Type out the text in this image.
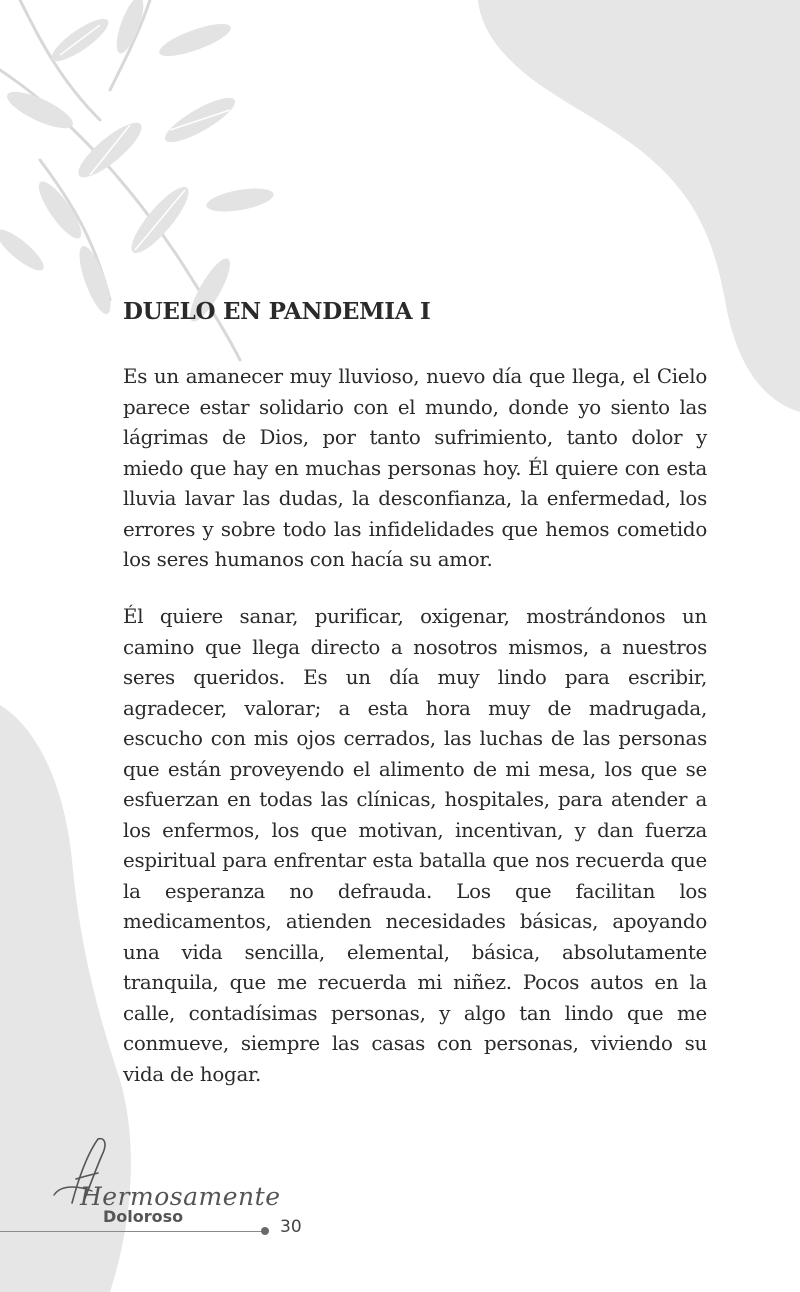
DUELO EN PANDEMIA I

Es un amanecer muy lluvioso, nuevo día que llega, el Cielo parece estar solidario con el mundo, donde yo siento las lágrimas de Dios, por tanto sufrimiento, tanto dolor y miedo que hay en muchas personas hoy. Él quiere con esta lluvia lavar las dudas, la desconfianza, la enfermedad, los errores y sobre todo las infidelidades que hemos cometido los seres humanos con hacía su amor.

Él quiere sanar, purificar, oxigenar, mostrándonos un camino que llega directo a nosotros mismos, a nuestros seres queridos. Es un día muy lindo para escribir, agradecer, valorar; a esta hora muy de madrugada, escucho con mis ojos cerrados, las luchas de las personas que están proveyendo el alimento de mi mesa, los que se esfuerzan en todas las clínicas, hospitales, para atender a los enfermos, los que motivan, incentivan, y dan fuerza espiritual para enfrentar esta batalla que nos recuerda que la esperanza no defrauda. Los que facilitan los medicamentos, atienden necesidades básicas, apoyando una vida sencilla, elemental, básica, absolutamente tranquila, que me recuerda mi niñez. Pocos autos en la calle, contadísimas personas, y algo tan lindo que me conmueve, siempre las casas con personas, viviendo su vida de hogar.

Hermosamente
Doloroso
30
